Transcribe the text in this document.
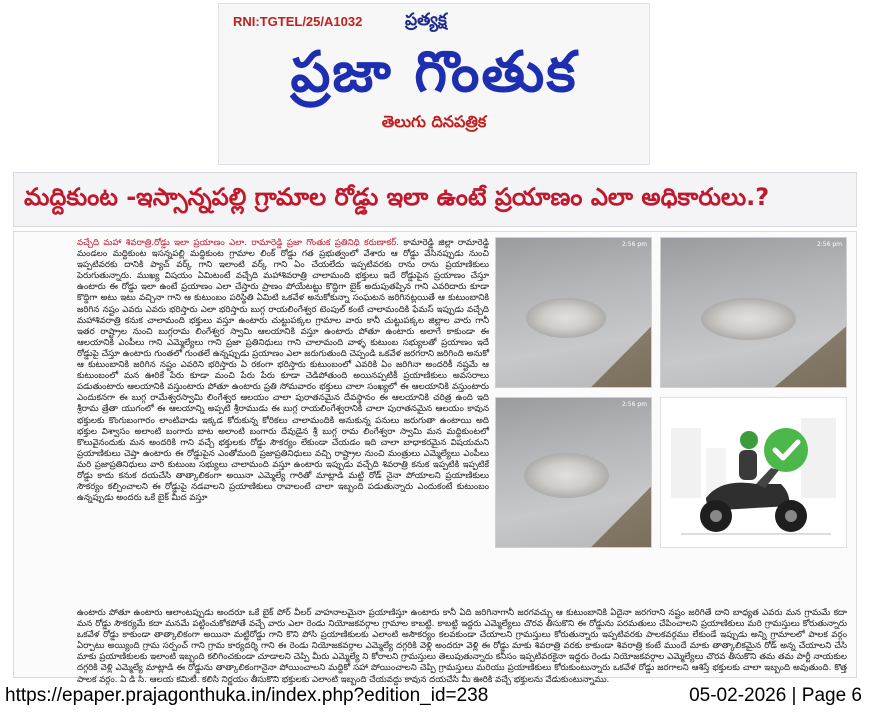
RNI:TGTEL/25/A1032	ప్రత్యక్ష
ప్రజా గొంతుక
తెలుగు దినపత్రిక
మద్దికుంట -ఇస్సాన్నపల్లి గ్రామాల రోడ్డు ఇలా ఉంటే ప్రయాణం ఎలా అధికారులు.?
వచ్చేది మహా శివరాత్రి.రోడ్డు ఇలా ప్రయాణం ఎలా. రామారెడ్డి ప్రజా గొంతుక ప్రతినిధి కరుణాకర్. కామారెడ్డి జిల్లా రామారెడ్డి మండలం మద్దికుంట ఇసన్నపల్లి మద్దికుంట గ్రామాల లింక్ రోడ్డు గత ప్రభుత్వంలో వేశారు ఆ రోడ్డు వేసినప్పుడు నుంచి ఇప్పటివరకు దానికి ప్యాచ్ వర్క్ గాని ఇలాంటి వర్క్ గాని ఏం చేయలేదు ఇప్పటివరకు రాను రాను ప్రయాణికులు పెరుగుతున్నారు. ముఖ్య విషయం ఏమిటంటే వచ్చేది మహాశివరాత్రి చాలామంది భక్తులు ఇదే రోడ్డుపైన ప్రయాణం చేస్తూ ఉంటారు ఈ రోడ్డు ఇలా ఉంటే ప్రయాణం ఎలా చేస్తారు ప్రాణం పోయేటట్టు కొద్దిగా బైక్ అదుపుతప్పిన గాని ఎవరిదారు కూడా కొద్దిగా అటు ఇటు వచ్చినా గాని ఆ కుటుంబం పరిస్థితి ఏమిటి ఒకవేళ అనుకోకున్నా సంఘటన జరిగినట్లయితే ఆ కుటుంబానికి జరిగిన నష్టం ఎవరు ఎవరు భరిస్తారు ఎలా భరిస్తారు బుగ్గ రాయలింగేశ్వర టెంపుల్ కంటే చాలామందికి ఫేమస్ ఇప్పుడు వచ్చేది మహాశివరాత్రి కనుక చాలామంది భక్తులు వస్తూ ఉంటారు చుట్టుపక్కల గ్రామాల వారు కానీ చుట్టుపక్కల జిల్లాల వారు గానీ ఇతర రాష్ట్రాల నుంచి బుగ్గరామ లింగేశ్వర స్వామి ఆలయానికి వస్తూ ఉంటారు పోతూ ఉంటారు అలాగే కాకుండా ఈ ఆలయానికి ఎంపీలు గాని ఎమ్మెల్యేలు గాని ప్రజా ప్రతినిధులు గాని చాలామంది వాళ్ళ కుటుంబ సభ్యులతో ప్రయాణం ఇదే రోడ్డుపై చేస్తూ ఉంటారు గుంతలో గుంతలే ఉన్నప్పుడు ప్రయాణం ఎలా జరుగుతుంది చెప్పండి ఒకవేళ జరగరాని జరిగింది అనుకో ఆ కుటుంబానికి జరిగిన నష్టం ఎవరిని భరిస్తారు ఏ రకంగా భరిస్తారు కుటుంబంలో ఎవరికి ఏం జరిగినా అందరికీ నష్టమే ఆ కుటుంబంలో మన ఊరికే పేరు కూడా మంచి పేరు పేరు కూడా చెడిపోతుంది అయినప్పటికీ ప్రయాణికులు అవసరాలు పడుతుంటారు ఆలయానికి వస్తుంటారు పోతూ ఉంటారు ప్రతి సోమవారం భక్తులు చాలా సంఖ్యలో ఈ ఆలయానికి వస్తుంటారు ఎందుకనగా ఈ బుగ్గ రామేశ్వరస్వామి లింగేశ్వర ఆలయం చాలా పురాతనమైన దేవస్థానం ఈ ఆలయానికి చరిత్ర ఉంది ఇది శ్రీరామ త్రేతా యుగంలో ఈ ఆలయాన్ని అప్పటి శ్రీరాముడు ఈ బుగ్గ రాయలింగేశ్వరానికి చాలా పురాతనమైన ఆలయం కావున భక్తులకు కొంగుబంగారం లాంటివాడు ఇక్కడ కోరుకున్న కోరికలు చాలామందికి అనుకున్న పనులు జరుగుతా ఉంటాయి అది భక్తుల విశ్వాసం అలాంటి బంగారు బాట అలాంటి బంగారు దేవుడైన శ్రీ బుగ్గ రామ లింగేశ్వరా స్వామి మన మద్దికుంటలో కొలువైనందుకు మన అందరికి గాని వచ్చే భక్తులకు రోడ్డు సౌకర్యం లేకుండా చేయడం ఇది చాలా బాధాకరమైన విషయమని ప్రయాణికులు చెప్తా ఉంటారు ఈ రోడ్డుపైన ఎంతోమంది ప్రజాప్రతినిధులు వచ్చి రాష్ట్రాల నుంచి మంత్రులు ఎమ్మెల్యేలు ఎంపీలు మరి ప్రజాప్రతినిధులు వారి కుటుంబ సభ్యులు చాలామంది వస్తూ ఉంటారు ఇప్పుడు వచ్చేది శివరాత్రి కనుక ఇప్పటికి ఇప్పటికే రోడ్డు కాదు కనుక దయచేసి తాత్కాలికంగా అయినా ఎమ్మెల్యే గారితో మాట్లాడి మట్టి రోడ్ నైనా పోయాలని ప్రయాణికులు సౌకర్యం కల్పించాలని ఈ రోడ్డుపై నడవాలని ప్రయాణికులు రావాలంటే చాలా ఇబ్బంది పడుతున్నారు ఎందుకంటే కుటుంబం ఉన్నప్పుడు అందరు ఒకే బైక్ మీద వస్తూ
2:56 pm	2:56 pm
2:56 pm
ఉంటారు పోతూ ఉంటారు ఆలాంటప్పుడు అందరూ ఒకే బైక్ పోర్ వీలర్ వాహనాలమైనా ప్రయాణిస్తూ ఉంటారు కానీ ఏది జరిగినాగానీ జరగవచ్చు ఆ కుటుంబానికి ఏదైనా జరగరాని నష్టం జరిగితే దాని బాధ్యత ఎవరు మన గ్రామమే కదా మన రోడ్డు సౌకర్యమే కదా మనమే పట్టించుకోకపోతే వచ్చే వారు ఎలా రెండు నియోజకవర్గాల గ్రామాల కాబట్టి. కాబట్టి ఇద్దరు ఎమ్మెల్యేలు చొరవ తీసుకొని ఈ రోడ్డును పరమతులు చేపించాలని ప్రయాణికులు మరి గ్రామస్తులు కోరుతున్నారు ఒకవేళ రోడ్డు కాకుండా తాత్కాలికంగా అయినా మట్టిరోడ్డు గాని కొని పోసి ప్రయాణికులకు ఎలాంటి అసౌకర్యం కలవకుండా చేయాలని గ్రామస్తులు కోరుతున్నారు ఇప్పటివరకు పాలకవర్గము లేకుండే ఇప్పుడు అన్ని గ్రామాలలో పాలక వర్గం ఏర్పాటు అయ్యింది గ్రామ సర్పంచ్ గాని గ్రామ కార్యదర్శి గాని ఈ రెండు నియోజకవర్గాల ఎమ్మెల్యే దగ్గరికి వెళ్లి అందరూ వెళ్లి ఈ రోడ్డు మాకు శివరాత్రి వరకు కాకుండా శివరాత్రి కంటే ముందే మాకు తాత్కాలికమైన రోడ్ అన్న చేయాలని చేసి మాకు ప్రయాణికులకు ఇలాంటి ఇబ్బంది కలిగించకుండా చూడాలని చెప్పి మీరు ఎమ్మెల్యే ని కోరాలని గ్రామస్తులు తెలుపుతున్నారు కనీసం ఇప్పటివరకైనా ఇద్దరు రెండు నియోజకవర్గాల ఎమ్మెల్యేలు చొరవ తీసుకొని తమ తమ పార్టీ నాయకుల దగ్గరికి వెళ్లి ఎమ్మెల్యే మాట్లాడి ఈ రోడ్డును తాత్కాలికంగానైనా పోయించాలని మద్దికో సహా పోయించాలని చెప్పి గ్రామస్తులు మరియు ప్రయాణికులు కోరుకుంటున్నారు ఒకవేళ రోడ్డు జరగాలని ఆశిస్తే భక్తులకు చాలా ఇబ్బంది అవుతుంది. కొత్త పాలక వర్గం. ఏ డి సి. ఆలయ కమిటీ. కలిసి నిర్ణయం తీసుకొని భక్తులకు ఎలాంటి ఇబ్బంది చేయవద్దు కావున దయచేసి మీ ఊరికి వచ్చే భక్తులను వేడుకుంటున్నాము.
https://epaper.prajagonthuka.in/index.php?edition_id=238	05-02-2026 | Page 6
